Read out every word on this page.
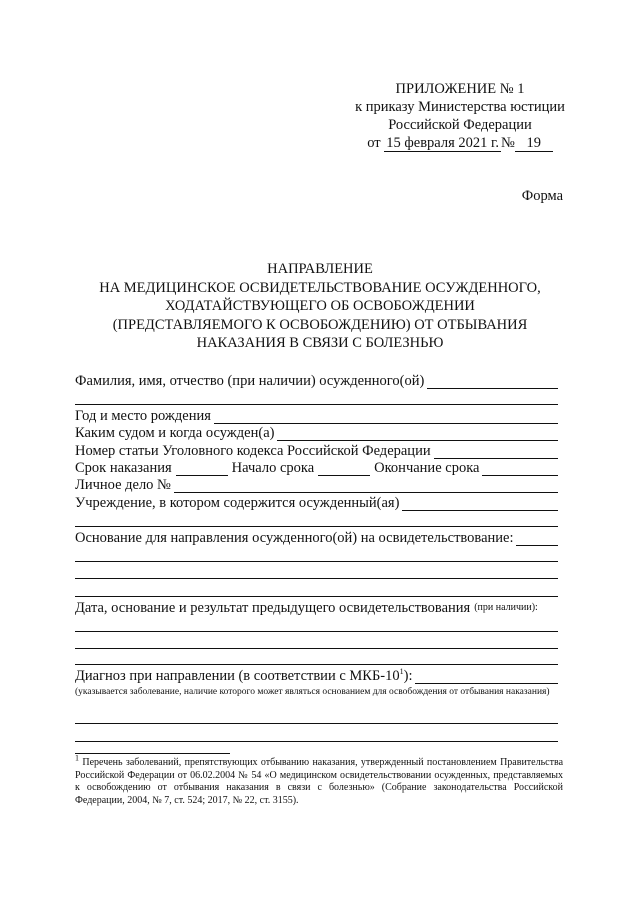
ПРИЛОЖЕНИЕ № 1
к приказу Министерства юстиции
Российской Федерации
от 15 февраля 2021 г. № 19
Форма
НАПРАВЛЕНИЕ
НА МЕДИЦИНСКОЕ ОСВИДЕТЕЛЬСТВОВАНИЕ ОСУЖДЕННОГО,
ХОДАТАЙСТВУЮЩЕГО ОБ ОСВОБОЖДЕНИИ
(ПРЕДСТАВЛЯЕМОГО К ОСВОБОЖДЕНИЮ) ОТ ОТБЫВАНИЯ
НАКАЗАНИЯ В СВЯЗИ С БОЛЕЗНЬЮ
Фамилия, имя, отчество (при наличии) осужденного(ой)
Год и место рождения
Каким судом и когда осужден(а)
Номер статьи Уголовного кодекса Российской Федерации
Срок наказания	Начало срока	Окончание срока
Личное дело №
Учреждение, в котором содержится осужденный(ая)
Основание для направления осужденного(ой) на освидетельствование:
Дата, основание и результат предыдущего освидетельствования (при наличии):
Диагноз при направлении (в соответствии с МКБ-$10^1$):
(указывается заболевание, наличие которого может являться основанием для освобождения от отбывания наказания)
$^1$ Перечень заболеваний, препятствующих отбыванию наказания, утвержденный постановлением Правительства Российской Федерации от 06.02.2004 № 54 «О медицинском освидетельствовании осужденных, представляемых к освобождению от отбывания наказания в связи с болезнью» (Собрание законодательства Российской Федерации, 2004, № 7, ст. 524; 2017, № 22, ст. 3155).
